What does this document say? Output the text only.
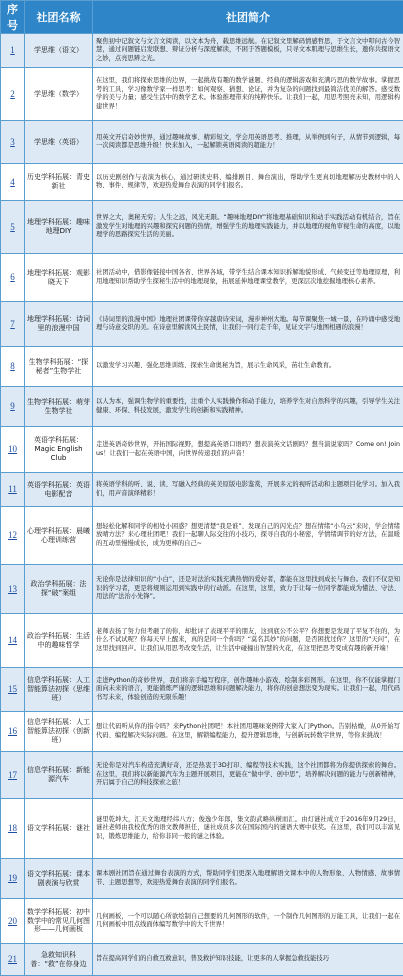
序号	社团名称	社团简介
1	学思维（语文）	聚焦初中记叙文与文言文阅读，以文本为舟，载思维远航。在记叙文里解码情感哲思，于文言文中叩问古今智慧，通过问题链启发联想、辩证分析与深度解读，不困于答题模板，只寻文本肌理与思维生长，邀你共探语文之妙，点亮思辨之光。
2	学思维（数学）	在这里，我们将探索思维的边界，一起挑战有趣的数学谜题、经典的逻辑游戏和充满巧思的数学故事。掌握思考的工具，学习像数学家一样思考：如何观察、猜想、论证，并为复杂的问题找到最简洁优美的解答。感受数学的美与力量；感受生活中的数学艺术。体验推理带来的纯粹快乐。让我们一起，用思考照亮未知，用逻辑构建世界！
3	学思维（英语）	用英文开启奇妙世界，通过趣味故事、精彩短文，学会用英语思考、推理，从举例到句子，从情节到逻辑，每一次阅读都是思维升级！快来加入，一起解锁英语阅读的超能力！
4	历史学科拓展：青史新社	以历史剧创作与表演为核心，通过研读史料、编排剧目、舞台演出，帮助学生更真切地理解历史教材中的人物、事件、规律等，欢迎热爱舞台表演的同学们报名。
5	地理学科拓展：趣味地理DIY	世界之大，奥秘无穷；人生之远，风光无限。“趣味地理DIY”将地理基础知识和动手实践活动有机结合，旨在激发学生对地理的兴趣和探究问题的热情，增强学生的地理实践能力，并以地理的视角审视生命的高度，以地理学的思路探究生活的美丽。
6	地理学科拓展：观影晓天下	社团活动中，借影像链接中国各省、世界各域，带学生结合课本知识拆解地貌形成、气候变迁等地理原理，利用地理知识帮助学生探秘生活中的地理现象，拓展延伸地理课堂教学，更深层次地挖掘地理核心素养。
7	地理学科拓展：诗词里的浪漫中国	《诗词里的浪漫中国》地理社团课带你穿越唐诗宋词，漫步神州大地。每节课聚焦一城一景，在吟诵中感受地理与诗意交织的美。在诗意里解读风土民情，让我们一同行走千年，见证文字与地图相遇的浪漫！
8	生物学科拓展：“探秘者”生物学社	以激发学习兴趣、强化思维训练、探索生命奥秘为旨，展示生命风采，苗壮生命教育。
9	生物学科拓展：萌芽生物学社	以人为本，强调生物学的重要性，注重个人实践操作和动手能力，培养学生对自然科学的兴趣，引导学生关注健康、环保、科技发展，激发学生的创新和实践精神。
10	英语学科拓展：Magic English Club	走进英语奇妙世界，开拓国际视野，想提高英语口语吗？想表演英文话剧吗？想当演说家吗？Come on! Join us！让我们一起在英语中国，向世界传递我们的声音！
11	英语学科拓展：英语电影配音	将英语学科的听、说、读、写融入经典的英美原版电影鉴赏，开展多元的视听活动和主题项目化学习。加入我们，用声音演绎精彩！
12	心理学科拓展：晨曦心理训练营	想轻松化解和同学的相处小困惑？想更清楚“我是谁”、发现自己的闪光点？想在情绪“小乌云”来时，学会情绪放晴方法？来心理社团吧！我们一起聊人际交往的小技巧，探寻自我的小秘密，学情绪调节的好方法，在温暖的互动里慢慢成长，成为更棒的自己~
13	政治学科拓展：法探“破”案组	无论你是法律知识的“小白”，还是对法治实践充满热情的爱好者，都能在这里找到成长与舞台。我们不仅是知识的学习者，更是将规则运用到实践中的行动派。在这里，这里，致力于让每一位同学都能成为懂法、守法、用法的“法治小先锋”。
14	政治学科拓展：生活中的趣味哲学	老师表扬了努力但考砸了的你，却批评了表现平平的朋友，这到底公不公平？你想要是发现了平复不住的，为什么不试试呢？你每天早上醒来，真的是同一个你吗？“莫名其妙”的问题，是否困扰过你？这里的“天问”，在这里找到回声。让我们从用思考改变生活，让生活中碰撞出智慧的火花，在这里把思考变成有趣的新开端！
15	信息学科拓展：人工智能算法初探（思维班）	走进Python的奇妙世界，我们将亲手编写程序，创作趣味小游戏、绘制多彩图形。在这里，你不仅能掌握门面向未来的语言，更能锻炼严谨的逻辑思维和问题解决能力，将你的创意想法变为现实。让我们一起，用代码书写未来，体验创造的无限乐趣！
16	信息学科拓展：人工智能算法初探（创新班）	想让代码听从你的指令吗？来Python社团吧！本社团用趣味案例带大家入门Python。告别枯燥，从0开始写代码、编程解决实际问题。在这里，解锁编程能力，提升逻辑思维，与创新玩转数字世界，等你来挑战！
17	信息学科拓展：新能源汽车	无论你是对汽车构造充满好奇，还是热衷于3D打印、编程等技术实践，这个社团都将为你提供探索的舞台。在这里，我们将以新能源汽车为主题开展项目，更能在“做中学、创中思”，培养解决问题的能力与创新精神，开启属于自己的科技探索之旅！
18	语文学科拓展：谜社	谜里乾坤大，汇天文地理经纬八方；俊逸少年郎，集文韵武略纵横而汇。由灯谜社成立于2016年9月29日，谜社老师由我校优秀的语文教师担任，谜社成员多次在国际国内的谜语大赛中获奖。在这里，我们可以丰富见识，锻炼思维能力，给你非同一般的谜之体验。
19	语文学科拓展：课本剧表演与欣赏	课本剧社团旨在通过舞台表演的方式，帮助同学们更深入地理解语文课本中的人物形象、人物情感、故事情节、主题思想等，欢迎热爱舞台表演的同学们报名。
20	数学学科拓展：初中数学中的常见几何图形——几何画板	几何画板，一个可以随心所欲绘制自己想要的几何图形的软件，一个制作几何图形的万能工具，让我们一起在几何画板中用点线面体编写数学中的大千世界！
21	急救知识科普：“救”在你身边	旨在提高同学们的自救互救意识，普及救护知识技能，让更多的人掌握急救技能技巧
